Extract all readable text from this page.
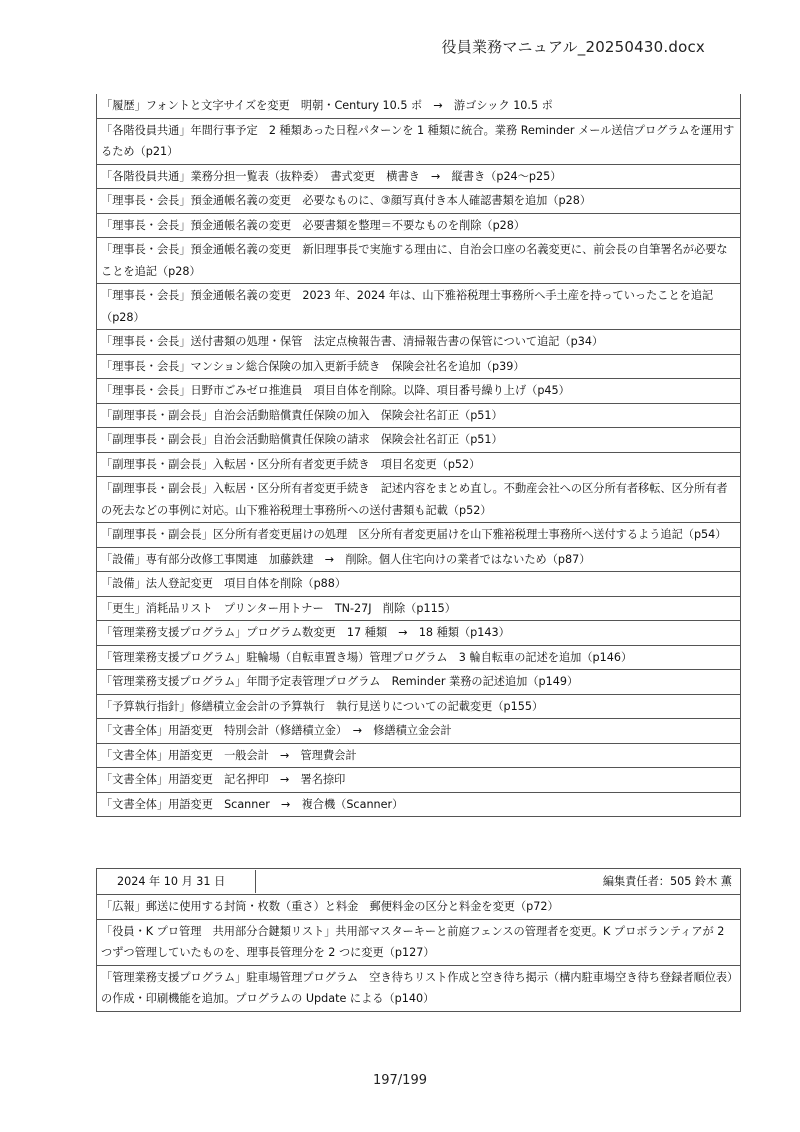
役員業務マニュアル_20250430.docx
「履歴」フォントと文字サイズを変更　明朝・Century 10.5 ポ　→　游ゴシック 10.5 ポ
「各階役員共通」年間行事予定　2 種類あった日程パターンを 1 種類に統合。業務 Reminder メール送信プログラムを運用するため（p21）
「各階役員共通」業務分担一覧表（抜粋委）　書式変更　横書き　→　縦書き（p24～p25）
「理事長・会長」預金通帳名義の変更　必要なものに、③顔写真付き本人確認書類を追加（p28）
「理事長・会長」預金通帳名義の変更　必要書類を整理＝不要なものを削除（p28）
「理事長・会長」預金通帳名義の変更　新旧理事長で実施する理由に、自治会口座の名義変更に、前会長の自筆署名が必要なことを追記（p28）
「理事長・会長」預金通帳名義の変更　2023 年、2024 年は、山下雅裕税理士事務所へ手土産を持っていったことを追記（p28）
「理事長・会長」送付書類の処理・保管　法定点検報告書、清掃報告書の保管について追記（p34）
「理事長・会長」マンション総合保険の加入更新手続き　保険会社名を追加（p39）
「理事長・会長」日野市ごみゼロ推進員　項目自体を削除。以降、項目番号繰り上げ（p45）
「副理事長・副会長」自治会活動賠償責任保険の加入　保険会社名訂正（p51）
「副理事長・副会長」自治会活動賠償責任保険の請求　保険会社名訂正（p51）
「副理事長・副会長」入転居・区分所有者変更手続き　項目名変更（p52）
「副理事長・副会長」入転居・区分所有者変更手続き　記述内容をまとめ直し。不動産会社への区分所有者移転、区分所有者の死去などの事例に対応。山下雅裕税理士事務所への送付書類も記載（p52）
「副理事長・副会長」区分所有者変更届けの処理　区分所有者変更届けを山下雅裕税理士事務所へ送付するよう追記（p54）
「設備」専有部分改修工事関連　加藤鉄建　→　削除。個人住宅向けの業者ではないため（p87）
「設備」法人登記変更　項目自体を削除（p88）
「更生」消耗品リスト　プリンター用トナー　TN-27J　削除（p115）
「管理業務支援プログラム」プログラム数変更　17 種類　→　18 種類（p143）
「管理業務支援プログラム」駐輪場（自転車置き場）管理プログラム　3 輪自転車の記述を追加（p146）
「管理業務支援プログラム」年間予定表管理プログラム　Reminder 業務の記述追加（p149）
「予算執行指針」修繕積立金会計の予算執行　執行見送りについての記載変更（p155）
「文書全体」用語変更　特別会計（修繕積立金）　→　修繕積立金会計
「文書全体」用語変更　一般会計　→　管理費会計
「文書全体」用語変更　記名押印　→　署名捺印
「文書全体」用語変更　Scanner　→　複合機（Scanner）
2024 年 10 月 31 日	編集責任者：505 鈴木 薫

「広報」郵送に使用する封筒・枚数（重さ）と料金　郵便料金の区分と料金を変更（p72）
「役員・K プロ管理　共用部分合鍵類リスト」共用部マスターキーと前庭フェンスの管理者を変更。K プロボランティアが 2 つずつ管理していたものを、理事長管理分を 2 つに変更（p127）
「管理業務支援プログラム」駐車場管理プログラム　空き待ちリスト作成と空き待ち掲示（構内駐車場空き待ち登録者順位表）の作成・印刷機能を追加。プログラムの Update による（p140）
197/199
